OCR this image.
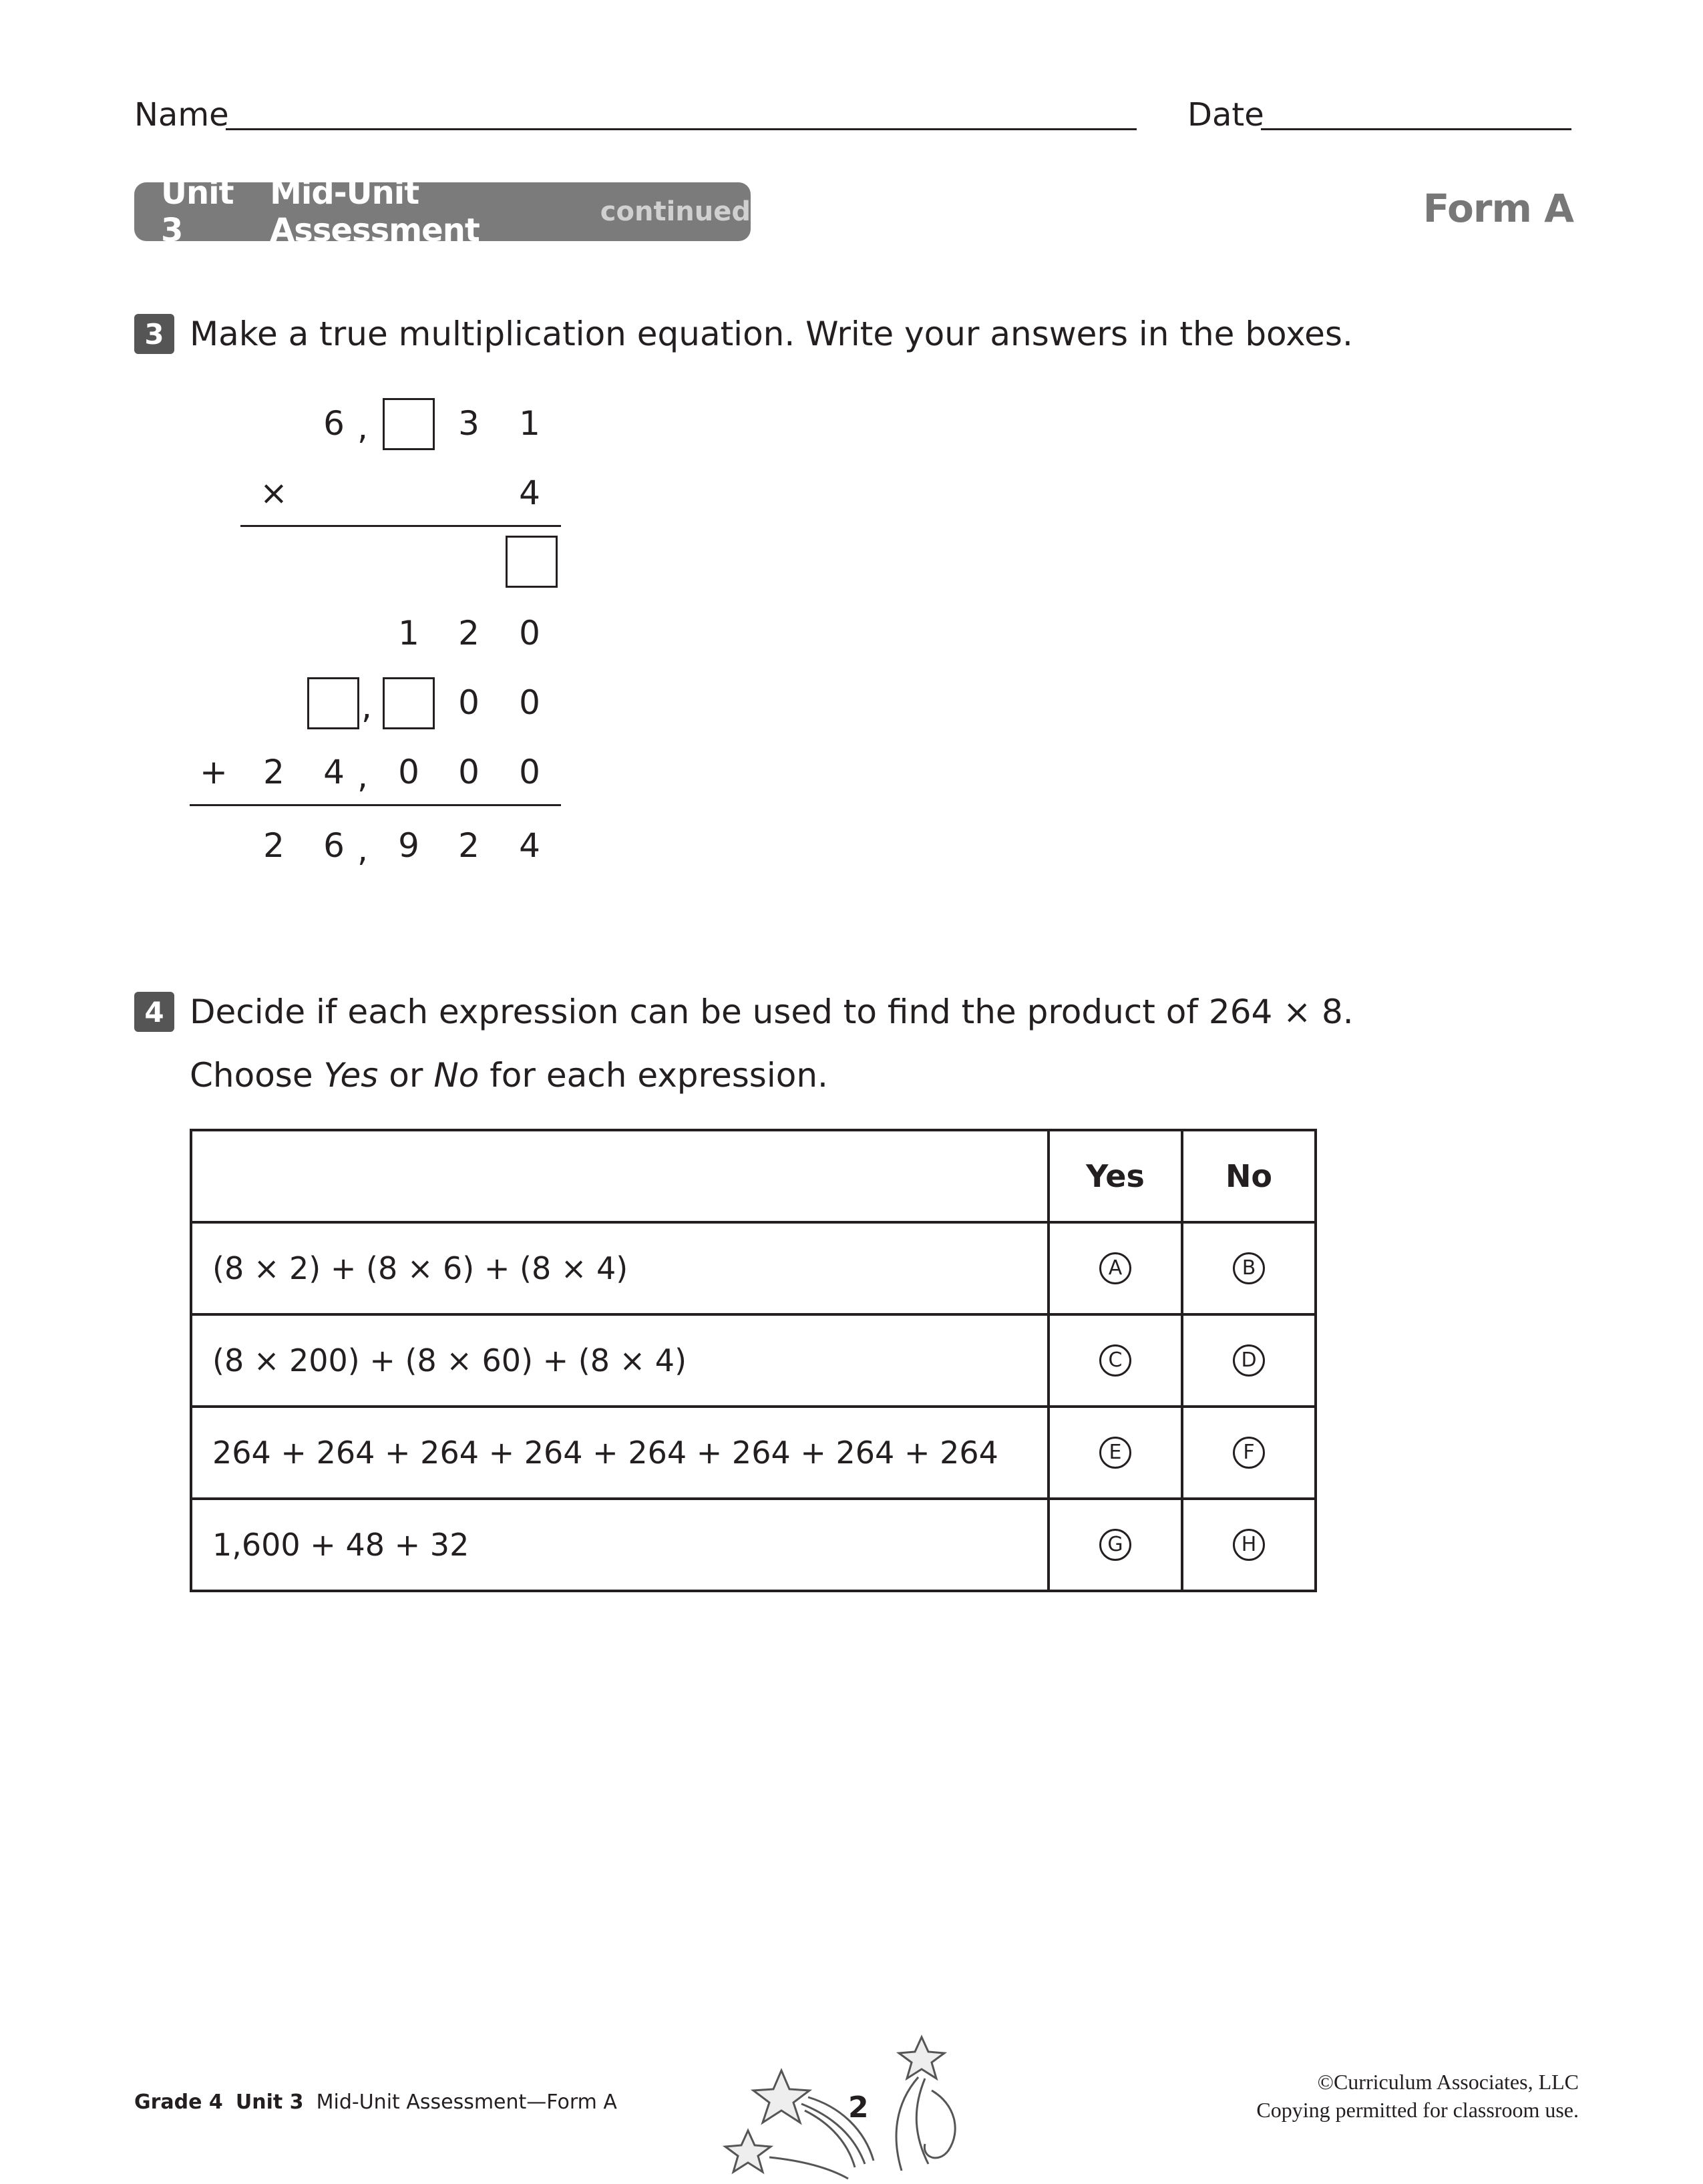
Name	Date
Unit 3
Mid-Unit Assessment	continued	Form A
3 Make a true multiplication equation. Write your answers in the boxes.
6 ,	3 1
×	4
1 2 0
,	0 0
+ 2 4 , 0 0 0
2 6 , 9 2 4
4 Decide if each expression can be used to find the product of 264 × 8.
Choose Yes or No for each expression.
	Yes	No
(8 × 2) + (8 × 6) + (8 × 4)	A	B
(8 × 200) + (8 × 60) + (8 × 4)	C	D
264 + 264 + 264 + 264 + 264 + 264 + 264 + 264	E	F
1,600 + 48 + 32	G	H
Grade 4 Unit 3 Mid-Unit Assessment—Form A	2
©Curriculum Associates, LLC
Copying permitted for classroom use.
